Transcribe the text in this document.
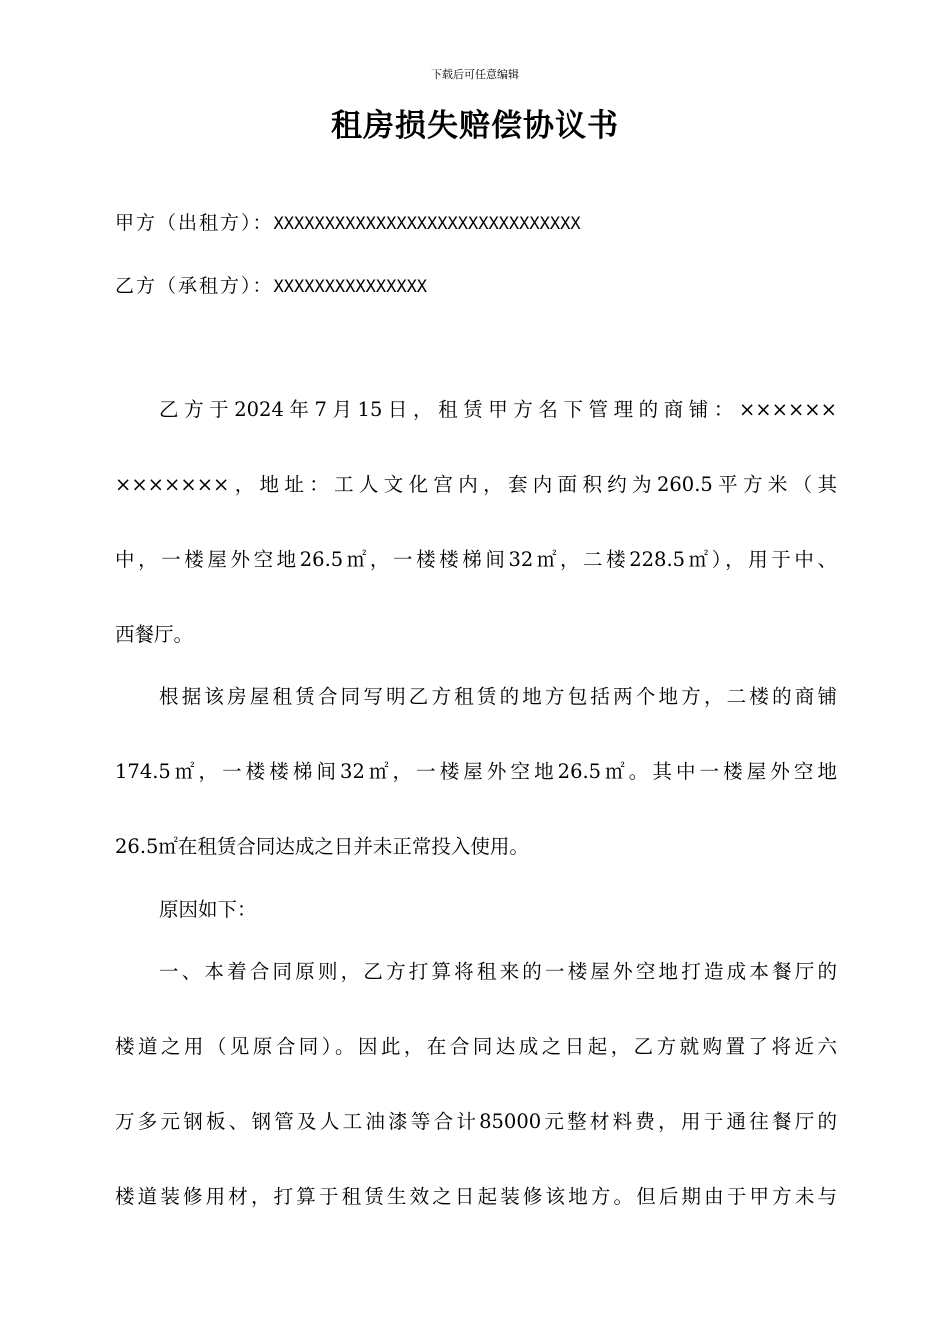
下载后可任意编辑
租房损失赔偿协议书
甲方（出租方）：XXXXXXXXXXXXXXXXXXXXXXXXXXXXXX
乙方（承租方）：XXXXXXXXXXXXXXX
乙方于2024年7月15日，租赁甲方名下管理的商铺：××××××
×××××××，地址：工人文化宫内，套内面积约为260.5平方米（其
中，一楼屋外空地26.5㎡，一楼楼梯间32㎡，二楼228.5㎡），用于中、
西餐厅。
根据该房屋租赁合同写明乙方租赁的地方包括两个地方，二楼的商铺
174.5㎡，一楼楼梯间32㎡，一楼屋外空地26.5㎡。其中一楼屋外空地
26.5㎡在租赁合同达成之日并未正常投入使用。
原因如下：
一、本着合同原则，乙方打算将租来的一楼屋外空地打造成本餐厅的
楼道之用（见原合同）。因此，在合同达成之日起，乙方就购置了将近六
万多元钢板、钢管及人工油漆等合计85000元整材料费，用于通往餐厅的
楼道装修用材，打算于租赁生效之日起装修该地方。但后期由于甲方未与
